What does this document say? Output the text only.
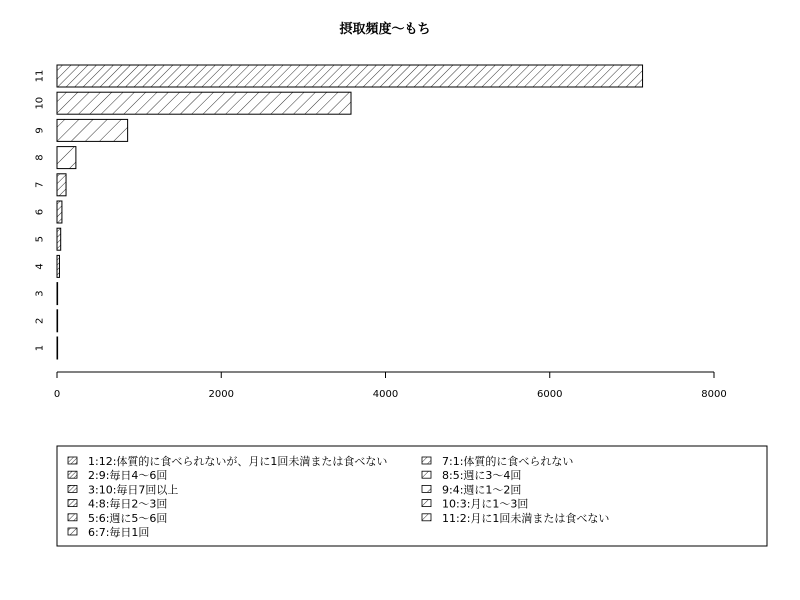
摂取頻度〜もち
1
2
3
4
5
6
7
8
9
10
11
0	2000	4000	6000	8000
1:12:体質的に食べられないが、月に1回未満または食べない
2:9:毎日4〜6回
3:10:毎日7回以上
4:8:毎日2〜3回
5:6:週に5〜6回
6:7:毎日1回
7:1:体質的に食べられない
8:5:週に3〜4回
9:4:週に1〜2回
10:3:月に1〜3回
11:2:月に1回未満または食べない
